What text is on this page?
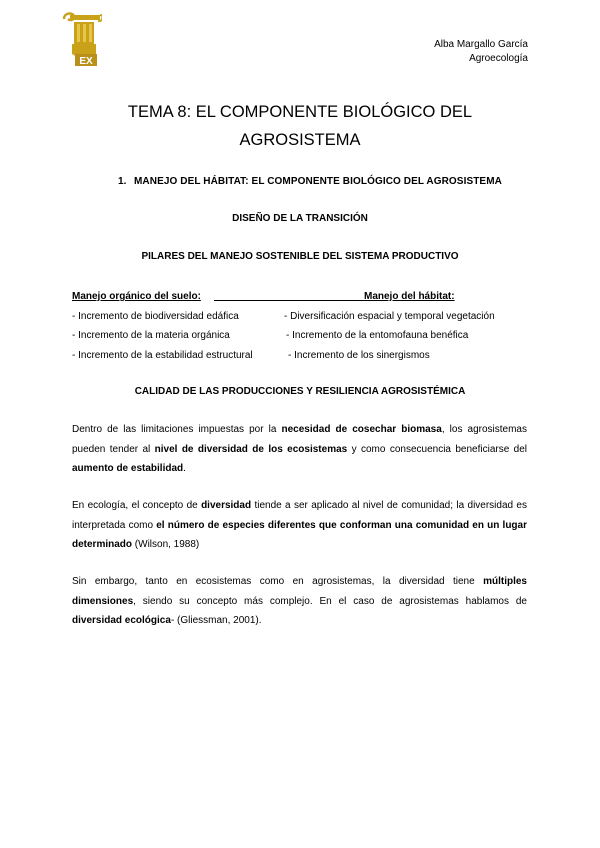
EX
Alba Margallo García
Agroecología
TEMA 8: EL COMPONENTE BIOLÓGICO DEL
AGROSISTEMA
1. MANEJO DEL HÁBITAT: EL COMPONENTE BIOLÓGICO DEL AGROSISTEMA
DISEÑO DE LA TRANSICIÓN
PILARES DEL MANEJO SOSTENIBLE DEL SISTEMA PRODUCTIVO
Manejo orgánico del suelo:
- Incremento de biodiversidad edáfica
- Incremento de la materia orgánica
- Incremento de la estabilidad estructural
Manejo del hábitat:
- Diversificación espacial y temporal vegetación
- Incremento de la entomofauna benéfica
- Incremento de los sinergismos
CALIDAD DE LAS PRODUCCIONES Y RESILIENCIA AGROSISTÉMICA
Dentro de las limitaciones impuestas por la necesidad de cosechar biomasa, los agrosistemas pueden tender al nivel de diversidad de los ecosistemas y como consecuencia beneficiarse del aumento de estabilidad.
En ecología, el concepto de diversidad tiende a ser aplicado al nivel de comunidad; la diversidad es interpretada como el número de especies diferentes que conforman una comunidad en un lugar determinado (Wilson, 1988)
Sin embargo, tanto en ecosistemas como en agrosistemas, la diversidad tiene múltiples dimensiones, siendo su concepto más complejo. En el caso de agrosistemas hablamos de diversidad ecológica- (Gliessman, 2001).
